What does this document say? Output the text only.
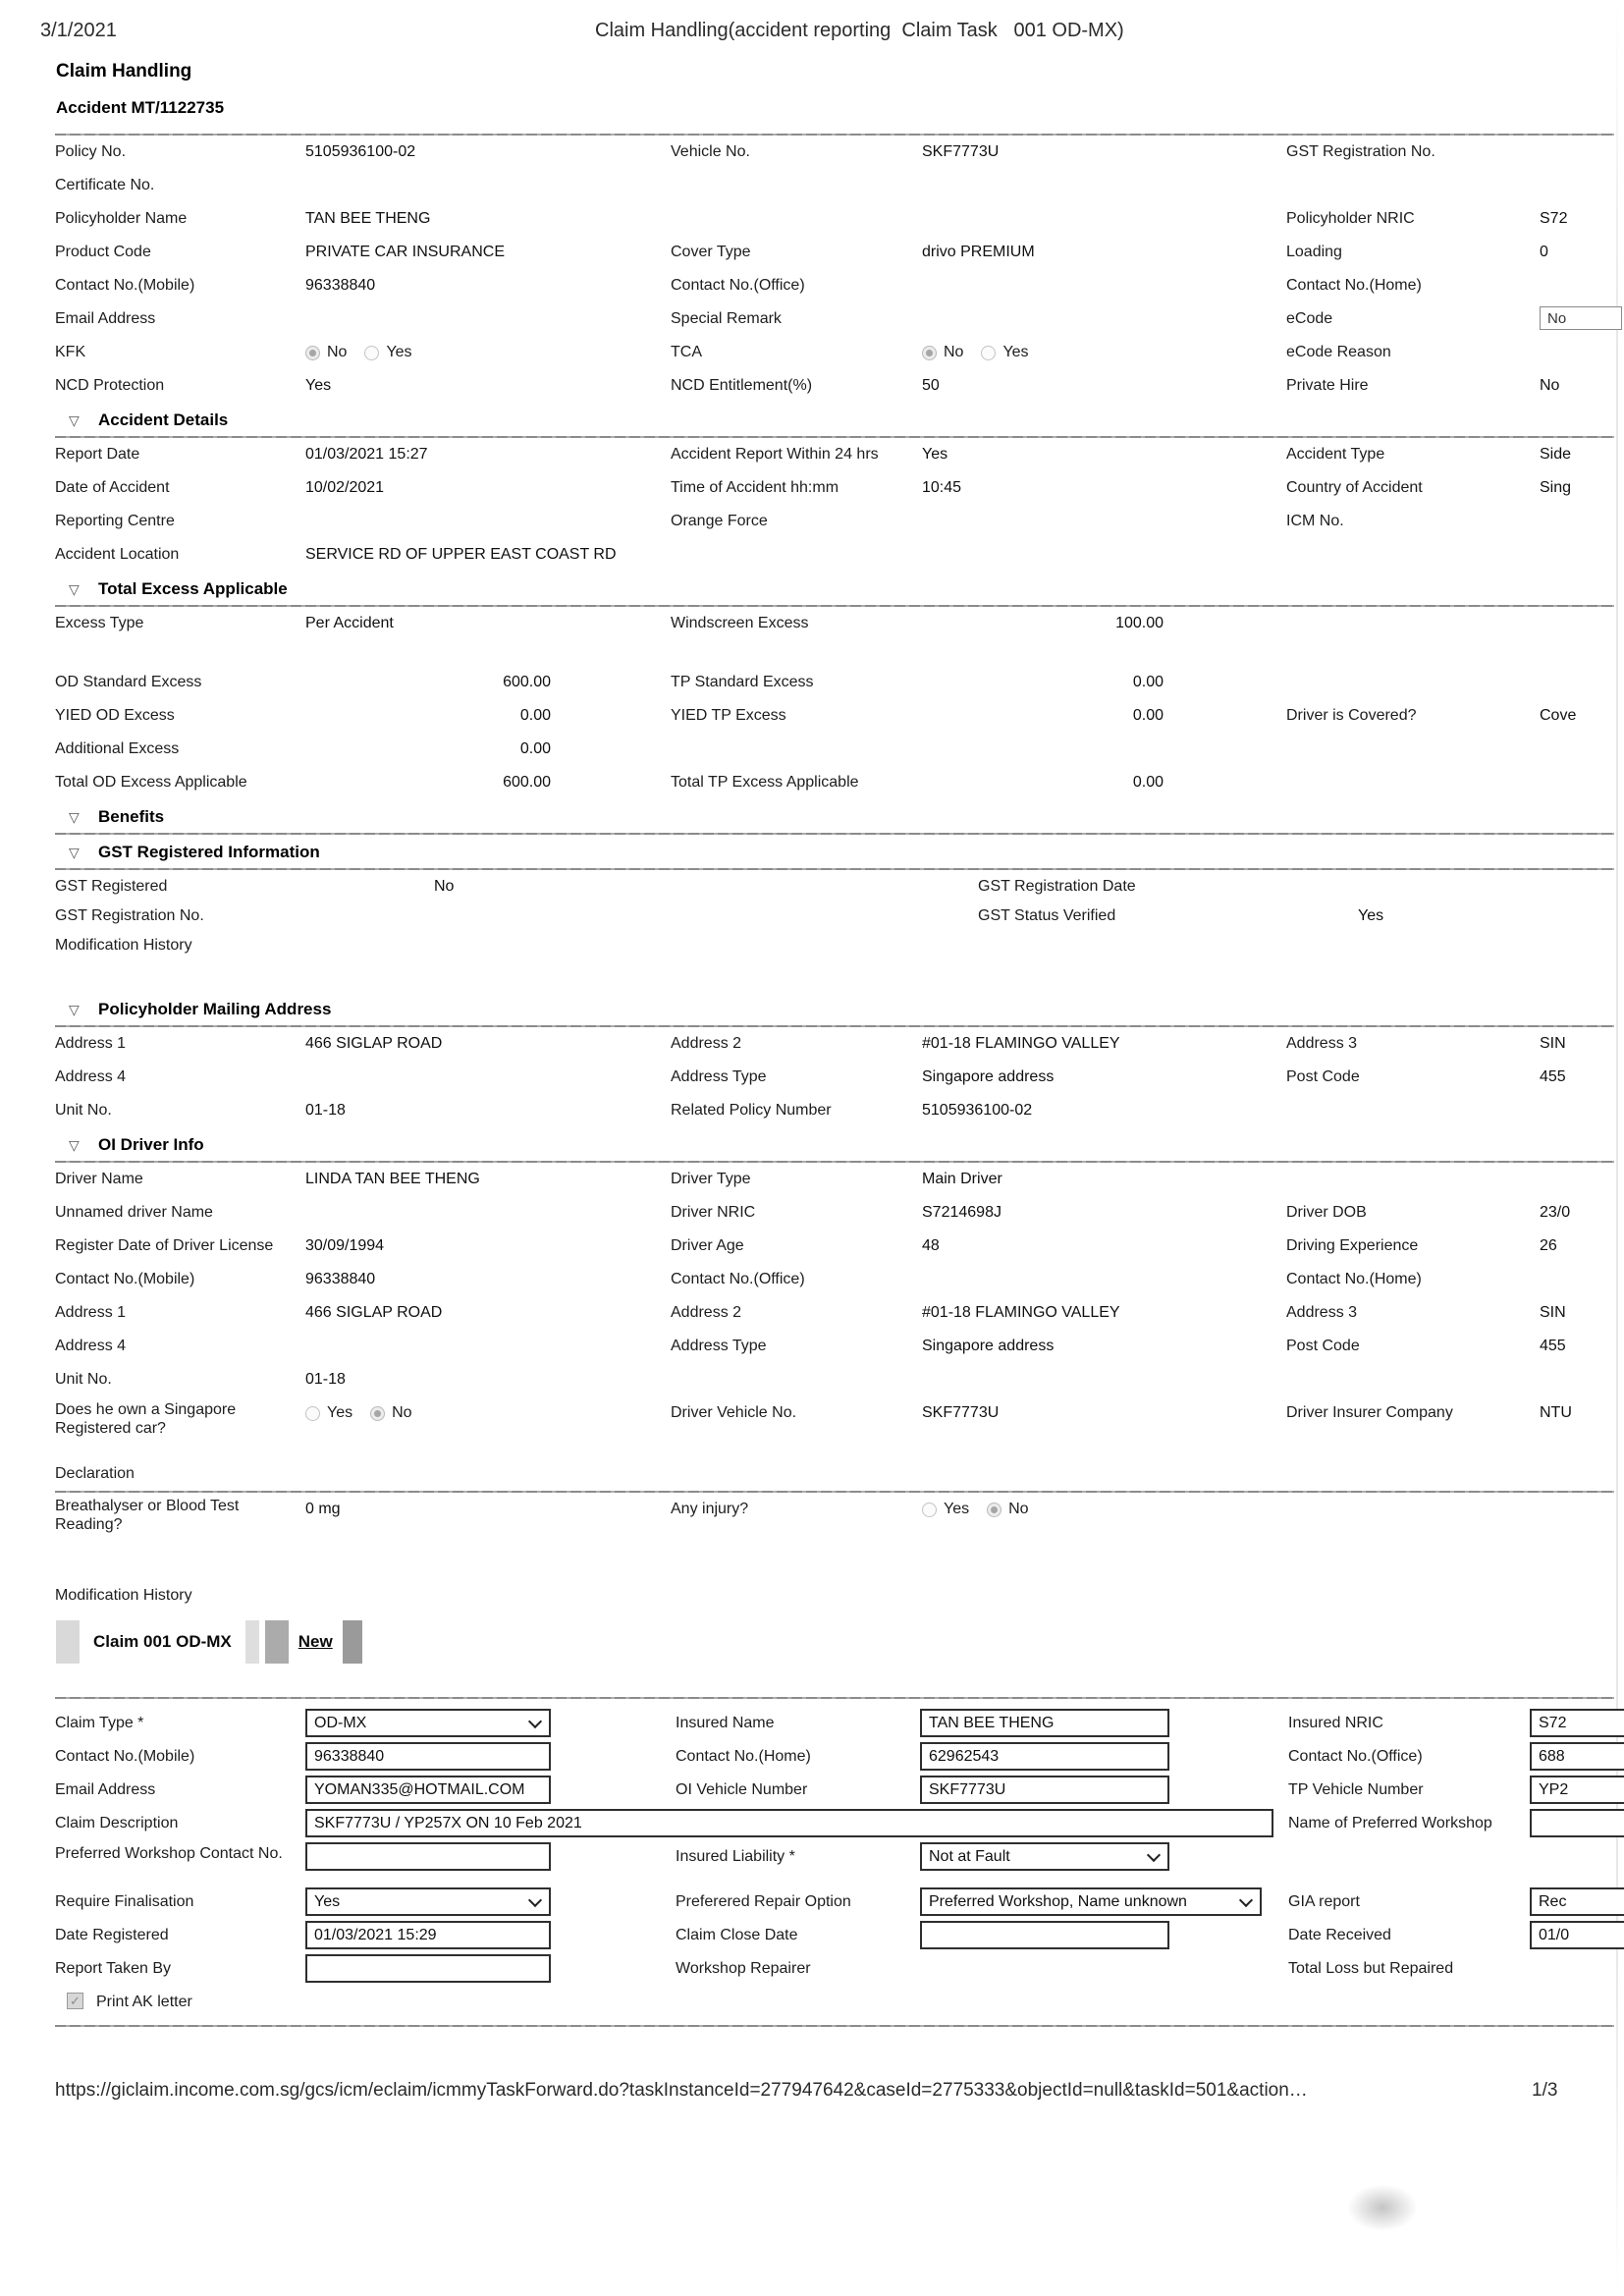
3/1/2021	Claim Handling(accident reporting  Claim Task   001 OD-MX)
Claim Handling
Accident MT/1122735
Policy No.	5105936100-02	Vehicle No.	SKF7773U	GST Registration No.
Certificate No.
Policyholder Name	TAN BEE THENG	Policyholder NRIC	S72
Product Code	PRIVATE CAR INSURANCE	Cover Type	drivo PREMIUM	Loading	0
Contact No.(Mobile)	96338840	Contact No.(Office)	Contact No.(Home)
Email Address	Special Remark	eCode	No
KFK	No	Yes	TCA	No	Yes	eCode Reason
NCD Protection	Yes	NCD Entitlement(%)	50	Private Hire	No
▽ Accident Details
Report Date	01/03/2021 15:27	Accident Report Within 24 hrs	Yes	Accident Type	Side
Date of Accident	10/02/2021	Time of Accident hh:mm	10:45	Country of Accident	Sing
Reporting Centre	Orange Force	ICM No.
Accident Location	SERVICE RD OF UPPER EAST COAST RD
▽ Total Excess Applicable
Excess Type	Per Accident	Windscreen Excess	100.00
OD Standard Excess	600.00	TP Standard Excess	0.00
YIED OD Excess	0.00	YIED TP Excess	0.00	Driver is Covered?	Cove
Additional Excess	0.00
Total OD Excess Applicable	600.00	Total TP Excess Applicable	0.00
▽ Benefits
▽ GST Registered Information
GST Registered	No	GST Registration Date
GST Registration No.	GST Status Verified	Yes
Modification History
▽ Policyholder Mailing Address
Address 1	466 SIGLAP ROAD	Address 2	#01-18 FLAMINGO VALLEY	Address 3	SIN
Address 4	Address Type	Singapore address	Post Code	455
Unit No.	01-18	Related Policy Number	5105936100-02
▽ OI Driver Info
Driver Name	LINDA TAN BEE THENG	Driver Type	Main Driver
Unnamed driver Name	Driver NRIC	S7214698J	Driver DOB	23/0
Register Date of Driver License 30/09/1994	Driver Age	48	Driving Experience	26
Contact No.(Mobile)	96338840	Contact No.(Office)	Contact No.(Home)
Address 1	466 SIGLAP ROAD	Address 2	#01-18 FLAMINGO VALLEY	Address 3	SIN
Address 4	Address Type	Singapore address	Post Code	455
Unit No.	01-18
Does he own a Singapore Registered car?
Yes	No	Driver Vehicle No.	SKF7773U	Driver Insurer Company	NTU
Declaration
Breathalyser or Blood Test Reading?
0 mg	Any injury?	Yes	No
Modification History
Claim 001 OD-MX	New
Claim Type *	OD-MX	Insured Name	TAN BEE THENG	Insured NRIC	S72
Contact No.(Mobile)	96338840	Contact No.(Home)	62962543	Contact No.(Office)	688
Email Address	YOMAN335@HOTMAIL.COM	OI Vehicle Number	SKF7773U	TP Vehicle Number	YP2
Claim Description	SKF7773U / YP257X ON 10 Feb 2021	Name of Preferred Workshop
Preferred Workshop Contact No.	Insured Liability *	Not at Fault
Require Finalisation	Yes	Preferered Repair Option	Preferred Workshop, Name unknown	GIA report	Rec
Date Registered	01/03/2021 15:29	Claim Close Date	Date Received	01/0
Report Taken By	Workshop Repairer	Total Loss but Repaired
✓ Print AK letter
https://giclaim.income.com.sg/gcs/icm/eclaim/icmmyTaskForward.do?taskInstanceId=277947642&caseId=2775333&objectId=null&taskId=501&action…	1/3
